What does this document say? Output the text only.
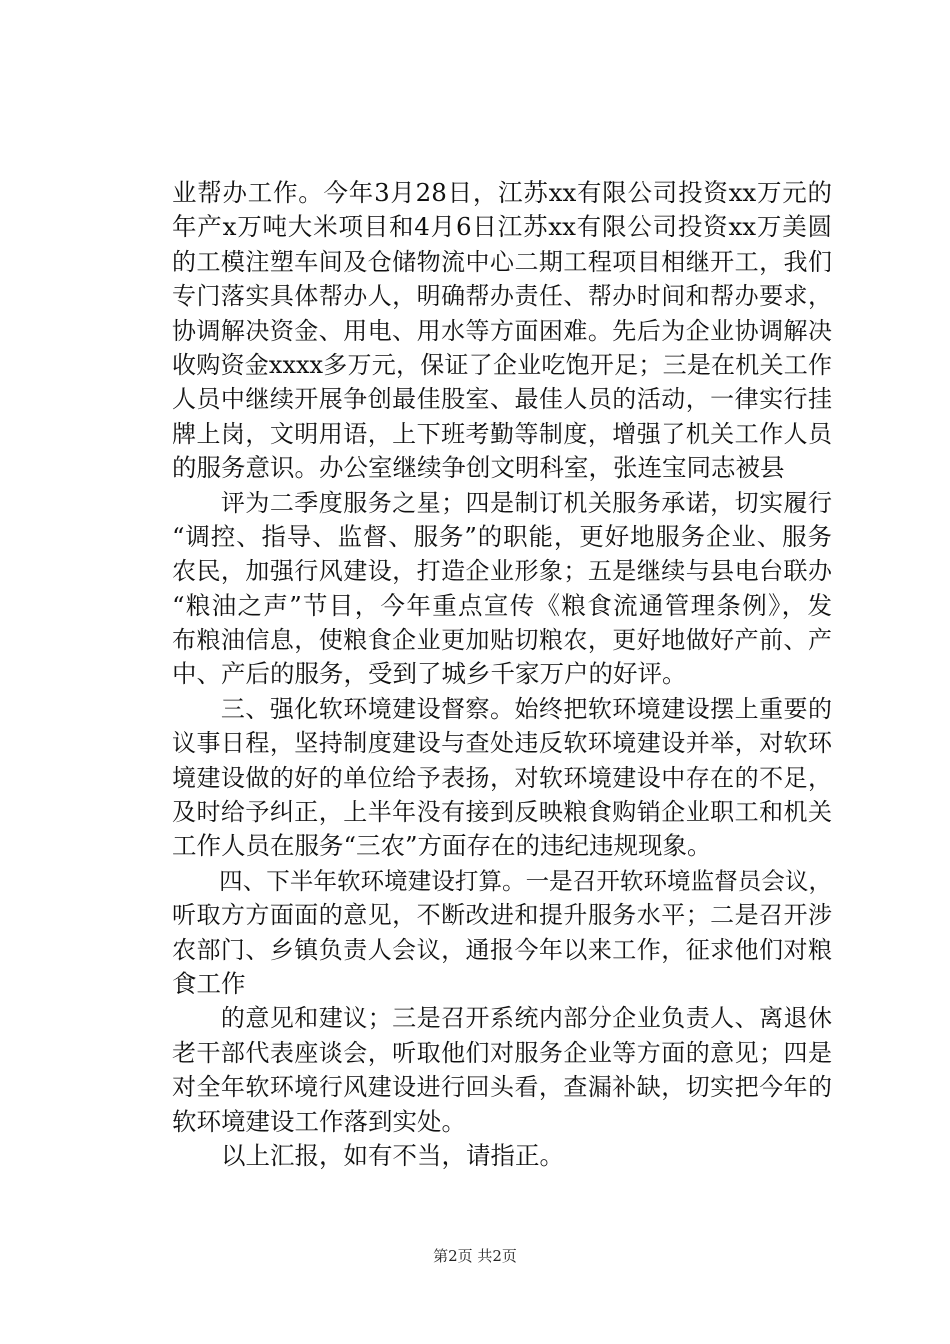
业帮办工作。今年3月28日，江苏xx有限公司投资xx万元的
年产x万吨大米项目和4月6日江苏xx有限公司投资xx万美圆
的工模注塑车间及仓储物流中心二期工程项目相继开工，我们
专门落实具体帮办人，明确帮办责任、帮办时间和帮办要求，
协调解决资金、用电、用水等方面困难。先后为企业协调解决
收购资金xxxx多万元，保证了企业吃饱开足；三是在机关工作
人员中继续开展争创最佳股室、最佳人员的活动，一律实行挂
牌上岗，文明用语，上下班考勤等制度，增强了机关工作人员
的服务意识。办公室继续争创文明科室，张连宝同志被县
　　评为二季度服务之星；四是制订机关服务承诺，切实履行
“调控、指导、监督、服务”的职能，更好地服务企业、服务
农民，加强行风建设，打造企业形象；五是继续与县电台联办
“粮油之声”节目，今年重点宣传《粮食流通管理条例》，发
布粮油信息，使粮食企业更加贴切粮农，更好地做好产前、产
中、产后的服务，受到了城乡千家万户的好评。
　　三、强化软环境建设督察。始终把软环境建设摆上重要的
议事日程，坚持制度建设与查处违反软环境建设并举，对软环
境建设做的好的单位给予表扬，对软环境建设中存在的不足，
及时给予纠正，上半年没有接到反映粮食购销企业职工和机关
工作人员在服务“三农”方面存在的违纪违规现象。
　　四、下半年软环境建设打算。一是召开软环境监督员会议，
听取方方面面的意见，不断改进和提升服务水平；二是召开涉
农部门、乡镇负责人会议，通报今年以来工作，征求他们对粮
食工作
　　的意见和建议；三是召开系统内部分企业负责人、离退休
老干部代表座谈会，听取他们对服务企业等方面的意见；四是
对全年软环境行风建设进行回头看，查漏补缺，切实把今年的
软环境建设工作落到实处。
　　以上汇报，如有不当，请指正。
第2页 共2页
